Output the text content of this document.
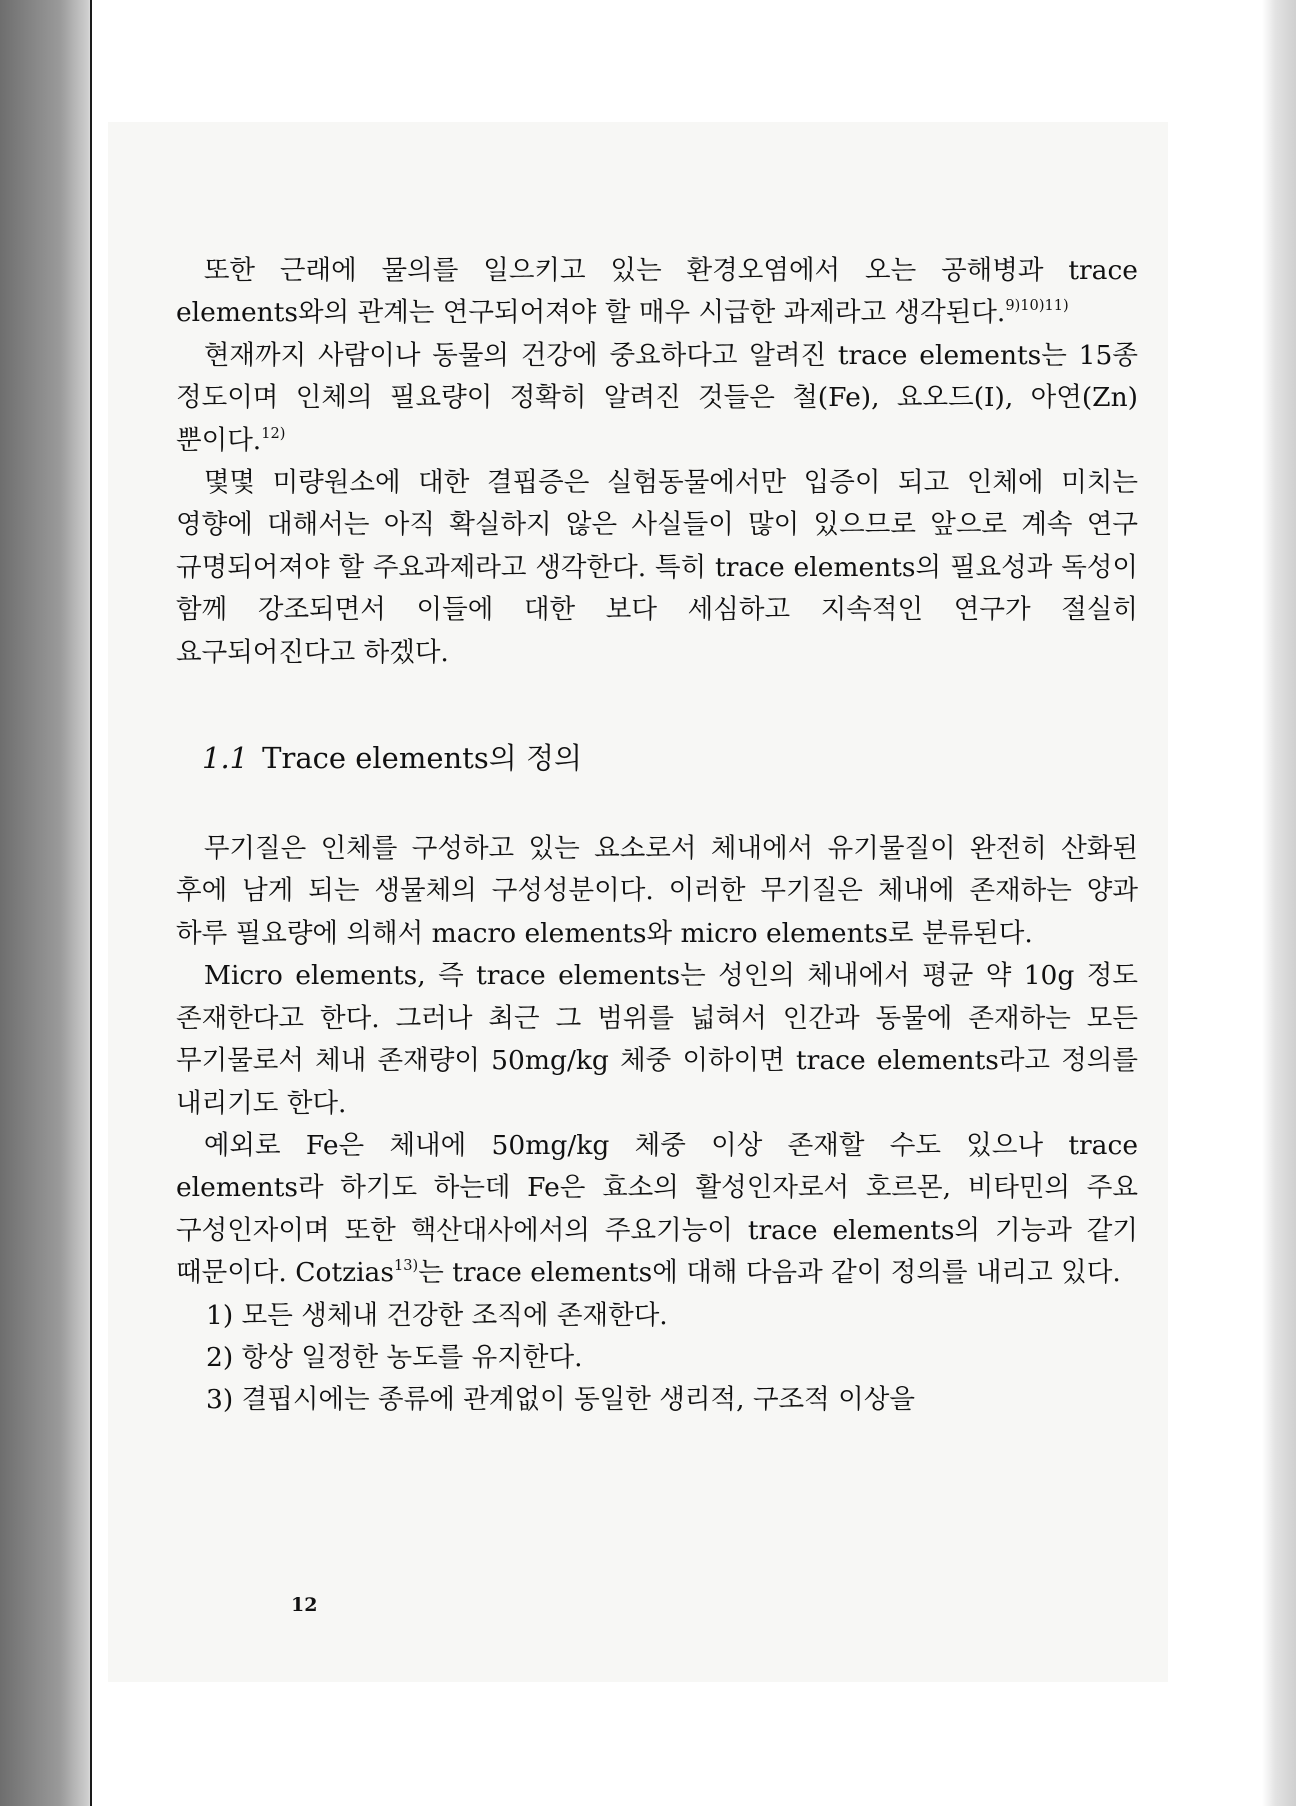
또한 근래에 물의를 일으키고 있는 환경오염에서 오는 공해병과 trace elements와의 관계는 연구되어져야 할 매우 시급한 과제라고 생각된다.$^{9)10)11)}$

현재까지 사람이나 동물의 건강에 중요하다고 알려진 trace elements는 15종 정도이며 인체의 필요량이 정확히 알려진 것들은 철(Fe), 요오드(I), 아연(Zn)뿐이다.$^{12)}$

몇몇 미량원소에 대한 결핍증은 실험동물에서만 입증이 되고 인체에 미치는 영향에 대해서는 아직 확실하지 않은 사실들이 많이 있으므로 앞으로 계속 연구 규명되어져야 할 주요과제라고 생각한다. 특히 trace elements의 필요성과 독성이 함께 강조되면서 이들에 대한 보다 세심하고 지속적인 연구가 절실히 요구되어진다고 하겠다.

1.1 Trace elements의 정의

무기질은 인체를 구성하고 있는 요소로서 체내에서 유기물질이 완전히 산화된 후에 남게 되는 생물체의 구성성분이다. 이러한 무기질은 체내에 존재하는 양과 하루 필요량에 의해서 macro elements와 micro elements로 분류된다.

Micro elements, 즉 trace elements는 성인의 체내에서 평균 약 10g 정도 존재한다고 한다. 그러나 최근 그 범위를 넓혀서 인간과 동물에 존재하는 모든 무기물로서 체내 존재량이 50mg/kg 체중 이하이면 trace elements라고 정의를 내리기도 한다.

예외로 Fe은 체내에 50mg/kg 체중 이상 존재할 수도 있으나 trace elements라 하기도 하는데 Fe은 효소의 활성인자로서 호르몬, 비타민의 주요 구성인자이며 또한 핵산대사에서의 주요기능이 trace elements의 기능과 같기 때문이다. Cotzias$^{13)}$는 trace elements에 대해 다음과 같이 정의를 내리고 있다.

1) 모든 생체내 건강한 조직에 존재한다.

2) 항상 일정한 농도를 유지한다.

3) 결핍시에는 종류에 관계없이 동일한 생리적, 구조적 이상을

12
